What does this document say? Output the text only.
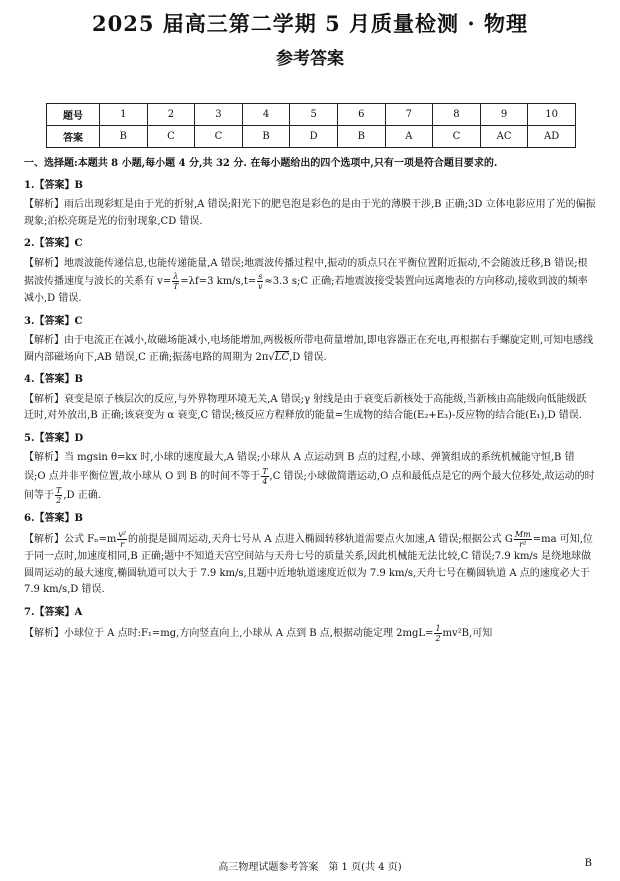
2025 届高三第二学期 5 月质量检测 · 物理
参考答案
题号	1	2	3	4	5	6	7	8	9	10
答案	B	C	C	B	D	B	A	C	AC	AD
一、选择题:本题共 8 小题,每小题 4 分,共 32 分. 在每小题给出的四个选项中,只有一项是符合题目要求的.
1.【答案】B

【解析】雨后出现彩虹是由于光的折射,A 错误;阳光下的肥皂泡是彩色的是由于光的薄膜干涉,B 正确;3D 立体电影应用了光的偏振现象;泊松亮斑是光的衍射现象,CD 错误.

2.【答案】C

【解析】地震波能传递信息,也能传递能量,A 错误;地震波传播过程中,振动的质点只在平衡位置附近振动,不会随波迁移,B 错误;根据波传播速度与波长的关系有 $v= \frac{\lambda}{T} =\lambda f=3$ $km/s,t= \frac{s}{v} \approx 3.3$ s;C 正确;若地震波接受装置向远离地表的方向移动,接收到波的频率减小,D 错误.

3.【答案】C

【解析】由于电流正在减小,故磁场能减小,电场能增加,两极板所带电荷量增加,即电容器正在充电,再根据右手螺旋定则,可知电感线圈内部磁场向下,AB 错误,C 正确;振荡电路的周期为 2π√LC,D 错误.

4.【答案】B

【解析】衰变是原子核层次的反应,与外界物理环境无关,A 错误;γ 射线是由于衰变后新核处于高能级,当新核由高能级向低能级跃迁时,对外放出,B 正确;该衰变为 α 衰变,C 错误;核反应方程释放的能量=生成物的结合能(E₂+E₃)-反应物的结合能(E₁),D 错误.

5.【答案】D

【解析】当 mgsin θ=kx 时,小球的速度最大,A 错误;小球从 A 点运动到 B 点的过程,小球、弹簧组成的系统机械能守恒,B 错误;O 点并非平衡位置,故小球从 O 到 B 的时间不等于 $\frac{T}{4} ,C$ 错误;小球做简谐运动,O 点和最低点是它的两个最大位移处,故运动的时间等于 $\frac{T}{2} ,D$ 正确.

6.【答案】B

【解析】公式 $F_n=m \frac{\text{v²}}{r}$ 的前提是圆周运动,天舟七号从 A 点进入椭圆转移轨道需要点火加速,A 错误;根据公式 G $\frac{Mm}{\text{r²}} =ma$ 可知,位于同一点时,加速度相同,B 正确;题中不知道天宫空间站与天舟七号的质量关系,因此机械能无法比较,C 错误;7.9 km/s 是绕地球做圆周运动的最大速度,椭圆轨道可以大于 7.9 km/s,且题中近地轨道速度近似为 7.9 km/s,天舟七号在椭圆轨道 A 点的速度必大于 7.9 km/s,D 错误.

7.【答案】A

【解析】小球位于 A 点时:F₁=mg,方向竖直向上,小球从 A 点到 B 点,根据动能定理 $2mgL= \frac{1}{2} mv^2B$,可知

高三物理试题参考答案　第 1 页(共 4 页)	B
